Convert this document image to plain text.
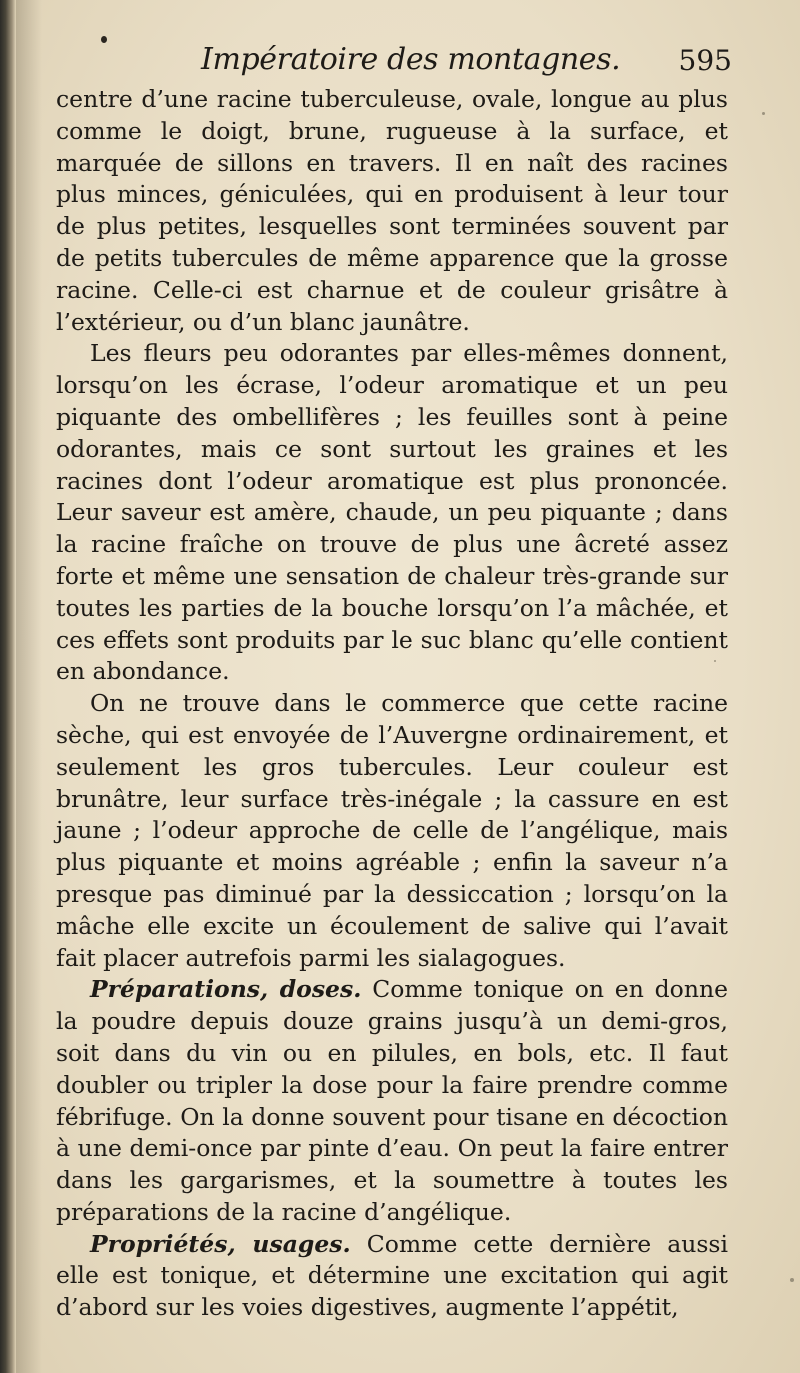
Impératoire des montagnes. 595

centre d’une racine tuberculeuse, ovale, longue au plus comme le doigt, brune, rugueuse à la surface, et marquée de sillons en travers. Il en naît des racines plus minces, géniculées, qui en produisent à leur tour de plus petites, lesquelles sont terminées souvent par de petits tubercules de même apparence que la grosse racine. Celle-ci est charnue et de couleur grisâtre à l’extérieur, ou d’un blanc jaunâtre.

Les fleurs peu odorantes par elles-mêmes donnent, lorsqu’on les écrase, l’odeur aromatique et un peu piquante des ombellifères ; les feuilles sont à peine odorantes, mais ce sont surtout les graines et les racines dont l’odeur aromatique est plus prononcée. Leur saveur est amère, chaude, un peu piquante ; dans la racine fraîche on trouve de plus une âcreté assez forte et même une sensation de chaleur très-grande sur toutes les parties de la bouche lorsqu’on l’a mâchée, et ces effets sont produits par le suc blanc qu’elle contient en abondance.

On ne trouve dans le commerce que cette racine sèche, qui est envoyée de l’Auvergne ordinairement, et seulement les gros tubercules. Leur couleur est brunâtre, leur surface très-inégale ; la cassure en est jaune ; l’odeur approche de celle de l’angélique, mais plus piquante et moins agréable ; enfin la saveur n’a presque pas diminué par la dessiccation ; lorsqu’on la mâche elle excite un écoulement de salive qui l’avait fait placer autrefois parmi les sialagogues.

Préparations, doses. Comme tonique on en donne la poudre depuis douze grains jusqu’à un demi-gros, soit dans du vin ou en pilules, en bols, etc. Il faut doubler ou tripler la dose pour la faire prendre comme fébrifuge. On la donne souvent pour tisane en décoction à une demi-once par pinte d’eau. On peut la faire entrer dans les gargarismes, et la soumettre à toutes les préparations de la racine d’angélique.

Propriétés, usages. Comme cette dernière aussi elle est tonique, et détermine une excitation qui agit d’abord sur les voies digestives, augmente l’appétit,
